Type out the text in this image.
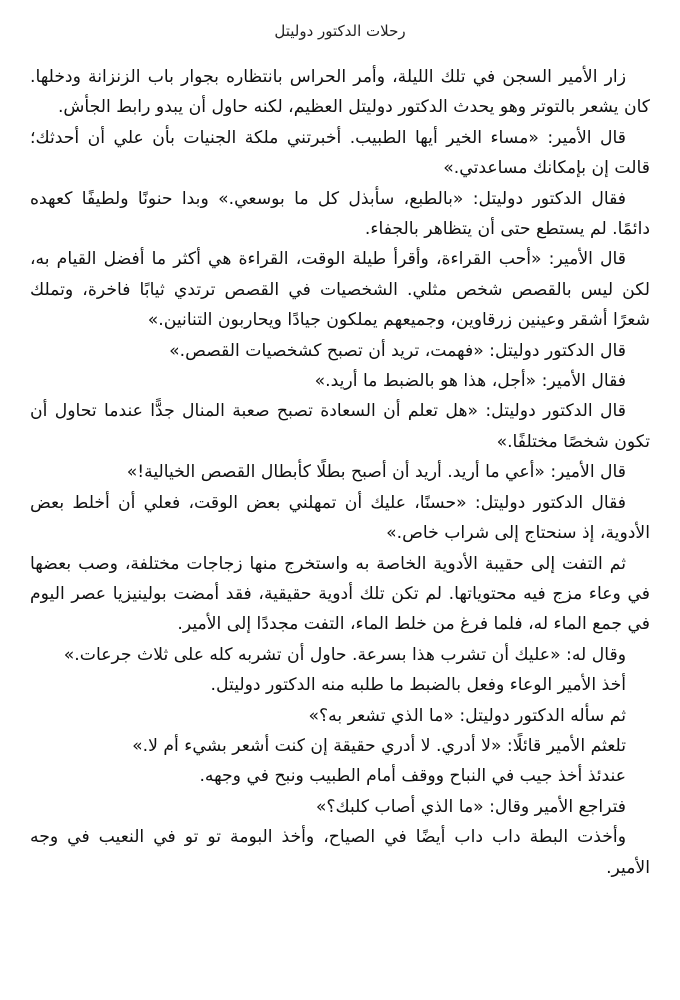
رحلات الدكتور دوليتل

زار الأمير السجن في تلك الليلة، وأمر الحراس بانتظاره بجوار باب الزنزانة ودخلها. كان يشعر بالتوتر وهو يحدث الدكتور دوليتل العظيم، لكنه حاول أن يبدو رابط الجأش.

قال الأمير: «مساء الخير أيها الطبيب. أخبرتني ملكة الجنيات بأن علي أن أحدثك؛ قالت إن بإمكانك مساعدتي.»

فقال الدكتور دوليتل: «بالطبع، سأبذل كل ما بوسعي.» وبدا حنونًا ولطيفًا كعهده دائمًا. لم يستطع حتى أن يتظاهر بالجفاء.

قال الأمير: «أحب القراءة، وأقرأ طيلة الوقت، القراءة هي أكثر ما أفضل القيام به، لكن ليس بالقصص شخص مثلي. الشخصيات في القصص ترتدي ثيابًا فاخرة، وتملك شعرًا أشقر وعينين زرقاوين، وجميعهم يملكون جيادًا ويحاربون التنانين.»

قال الدكتور دوليتل: «فهمت، تريد أن تصبح كشخصيات القصص.»

فقال الأمير: «أجل، هذا هو بالضبط ما أريد.»

قال الدكتور دوليتل: «هل تعلم أن السعادة تصبح صعبة المنال جدًّا عندما تحاول أن تكون شخصًا مختلفًا.»

قال الأمير: «أعي ما أريد. أريد أن أصبح بطلًا كأبطال القصص الخيالية!»

فقال الدكتور دوليتل: «حسنًا، عليك أن تمهلني بعض الوقت، فعلي أن أخلط بعض الأدوية، إذ سنحتاج إلى شراب خاص.»

ثم التفت إلى حقيبة الأدوية الخاصة به واستخرج منها زجاجات مختلفة، وصب بعضها في وعاء مزج فيه محتوياتها. لم تكن تلك أدوية حقيقية، فقد أمضت بولينيزيا عصر اليوم في جمع الماء له، فلما فرغ من خلط الماء، التفت مجددًا إلى الأمير.

وقال له: «عليك أن تشرب هذا بسرعة. حاول أن تشربه كله على ثلاث جرعات.»

أخذ الأمير الوعاء وفعل بالضبط ما طلبه منه الدكتور دوليتل.

ثم سأله الدكتور دوليتل: «ما الذي تشعر به؟»

تلعثم الأمير قائلًا: «لا أدري. لا أدري حقيقة إن كنت أشعر بشيء أم لا.»

عندئذ أخذ جيب في النباح ووقف أمام الطبيب ونبح في وجهه.

فتراجع الأمير وقال: «ما الذي أصاب كلبك؟»

وأخذت البطة داب داب أيضًا في الصياح، وأخذ البومة تو تو في النعيب في وجه الأمير.
